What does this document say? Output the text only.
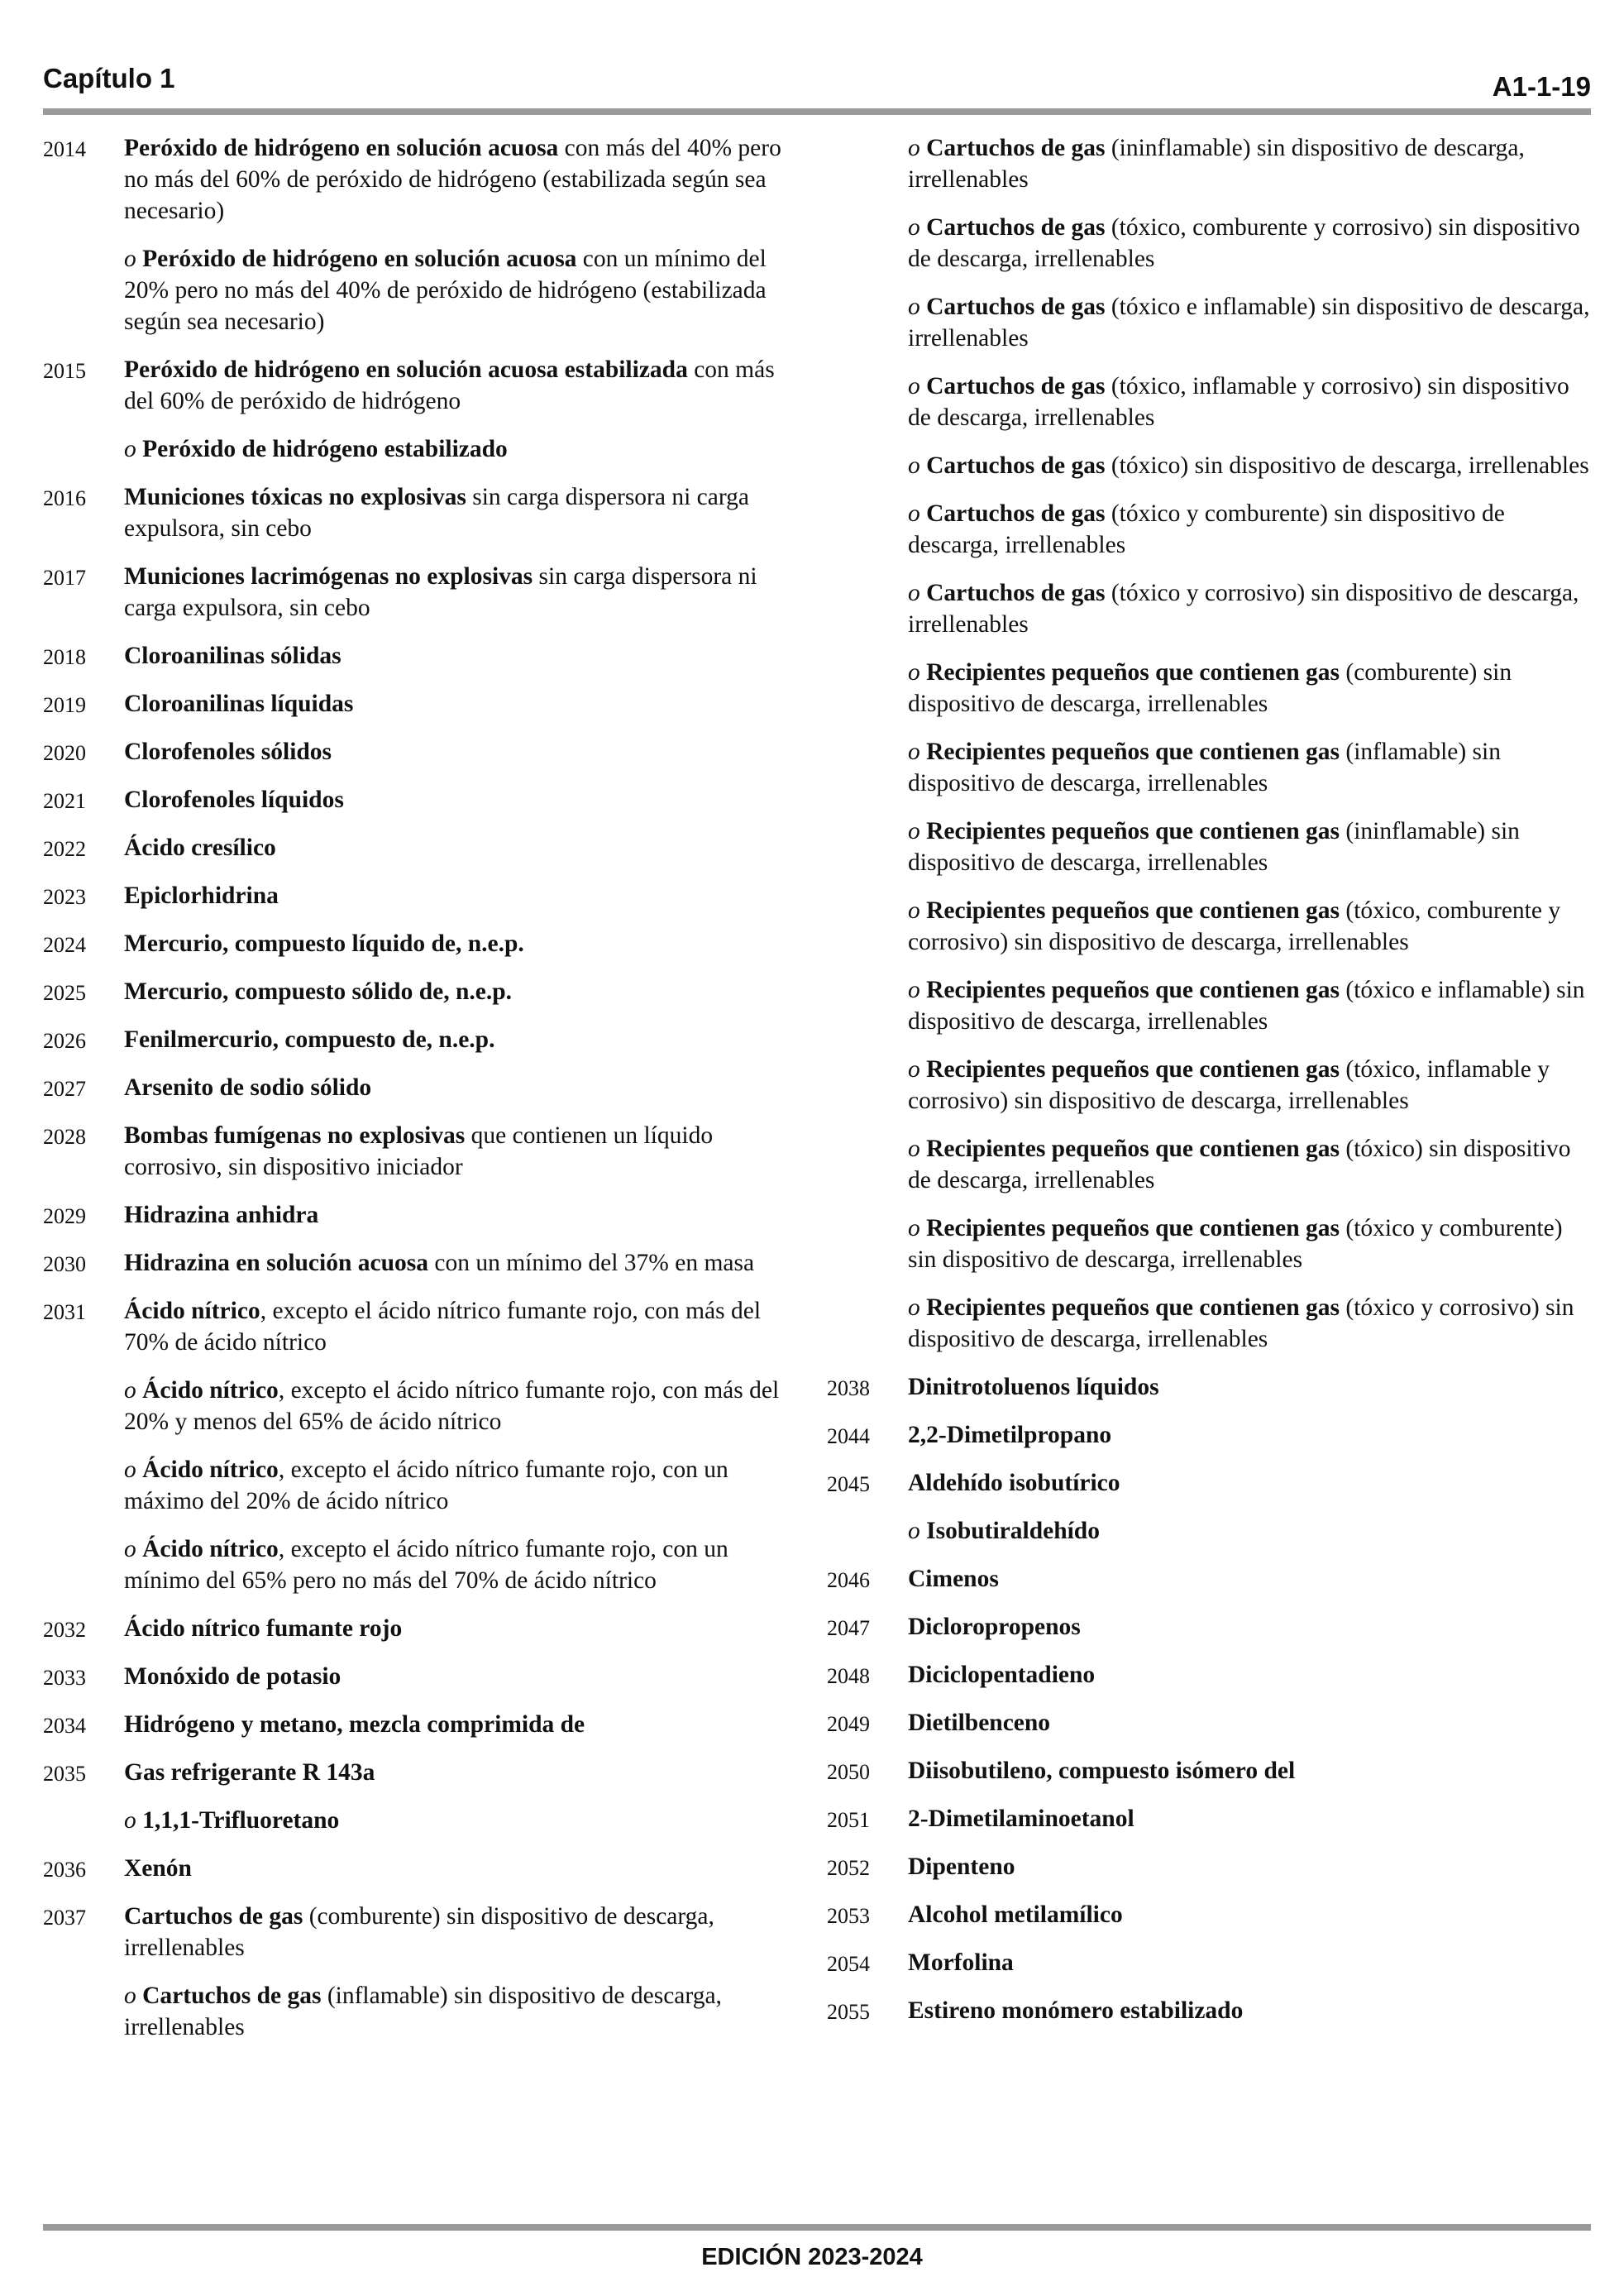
Capítulo 1	A1-1-19
2014 Peróxido de hidrógeno en solución acuosa con más del 40% pero no más del 60% de peróxido de hidrógeno (estabilizada según sea necesario)
o Peróxido de hidrógeno en solución acuosa con un mínimo del 20% pero no más del 40% de peróxido de hidrógeno (estabilizada según sea necesario)
2015 Peróxido de hidrógeno en solución acuosa estabilizada con más del 60% de peróxido de hidrógeno
o Peróxido de hidrógeno estabilizado
2016 Municiones tóxicas no explosivas sin carga dispersora ni carga expulsora, sin cebo
2017 Municiones lacrimógenas no explosivas sin carga dispersora ni carga expulsora, sin cebo
2018 Cloroanilinas sólidas
2019 Cloroanilinas líquidas
2020 Clorofenoles sólidos
2021 Clorofenoles líquidos
2022 Ácido cresílico
2023 Epiclorhidrina
2024 Mercurio, compuesto líquido de, n.e.p.
2025 Mercurio, compuesto sólido de, n.e.p.
2026 Fenilmercurio, compuesto de, n.e.p.
2027 Arsenito de sodio sólido
2028 Bombas fumígenas no explosivas que contienen un líquido corrosivo, sin dispositivo iniciador
2029 Hidrazina anhidra
2030 Hidrazina en solución acuosa con un mínimo del 37% en masa
2031 Ácido nítrico, excepto el ácido nítrico fumante rojo, con más del 70% de ácido nítrico
o Ácido nítrico, excepto el ácido nítrico fumante rojo, con más del 20% y menos del 65% de ácido nítrico
o Ácido nítrico, excepto el ácido nítrico fumante rojo, con un máximo del 20% de ácido nítrico
o Ácido nítrico, excepto el ácido nítrico fumante rojo, con un mínimo del 65% pero no más del 70% de ácido nítrico
2032 Ácido nítrico fumante rojo
2033 Monóxido de potasio
2034 Hidrógeno y metano, mezcla comprimida de
2035 Gas refrigerante R 143a
o 1,1,1-Trifluoretano
2036 Xenón
2037 Cartuchos de gas (comburente) sin dispositivo de descarga, irrellenables
o Cartuchos de gas (inflamable) sin dispositivo de descarga, irrellenables
o Cartuchos de gas (ininflamable) sin dispositivo de descarga, irrellenables
o Cartuchos de gas (tóxico, comburente y corrosivo) sin dispositivo de descarga, irrellenables
o Cartuchos de gas (tóxico e inflamable) sin dispositivo de descarga, irrellenables
o Cartuchos de gas (tóxico, inflamable y corrosivo) sin dispositivo de descarga, irrellenables
o Cartuchos de gas (tóxico) sin dispositivo de descarga, irrellenables
o Cartuchos de gas (tóxico y comburente) sin dispositivo de descarga, irrellenables
o Cartuchos de gas (tóxico y corrosivo) sin dispositivo de descarga, irrellenables
o Recipientes pequeños que contienen gas (comburente) sin dispositivo de descarga, irrellenables
o Recipientes pequeños que contienen gas (inflamable) sin dispositivo de descarga, irrellenables
o Recipientes pequeños que contienen gas (ininflamable) sin dispositivo de descarga, irrellenables
o Recipientes pequeños que contienen gas (tóxico, comburente y corrosivo) sin dispositivo de descarga, irrellenables
o Recipientes pequeños que contienen gas (tóxico e inflamable) sin dispositivo de descarga, irrellenables
o Recipientes pequeños que contienen gas (tóxico, inflamable y corrosivo) sin dispositivo de descarga, irrellenables
o Recipientes pequeños que contienen gas (tóxico) sin dispositivo de descarga, irrellenables
o Recipientes pequeños que contienen gas (tóxico y comburente) sin dispositivo de descarga, irrellenables
o Recipientes pequeños que contienen gas (tóxico y corrosivo) sin dispositivo de descarga, irrellenables
2038 Dinitrotoluenos líquidos
2044 2,2-Dimetilpropano
2045 Aldehído isobutírico
o Isobutiraldehído
2046 Cimenos
2047 Dicloropropenos
2048 Diciclopentadieno
2049 Dietilbenceno
2050 Diisobutileno, compuesto isómero del
2051 2-Dimetilaminoetanol
2052 Dipenteno
2053 Alcohol metilamílico
2054 Morfolina
2055 Estireno monómero estabilizado
EDICIÓN 2023-2024
